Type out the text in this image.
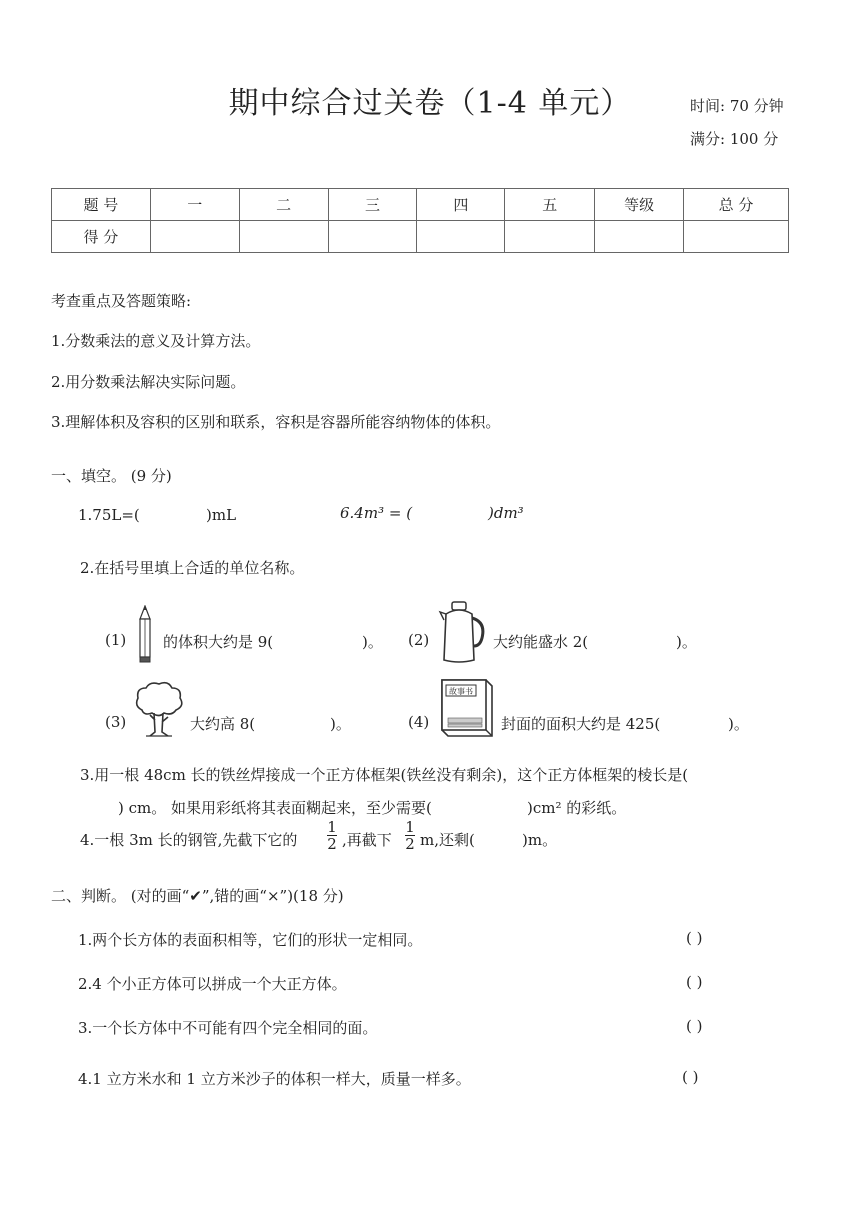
期中综合过关卷（1-4 单元）	时间: 70 分钟
满分: 100 分
题 号	一	二	三	四	五	等级	总 分
得 分							
考查重点及答题策略:
1.分数乘法的意义及计算方法。
2.用分数乘法解决实际问题。
3.理解体积及容积的区别和联系，容积是容器所能容纳物体的体积。
一、填空。 (9 分)
1.75L=(	)mL	6.4m³ = (	)dm³
2.在括号里填上合适的单位名称。
(1) 的体积大约是 9(	)。 (2)	大约能盛水 2(	)。
(3)	大约高 8(	)。	(4)
故事书
封面的面积大约是 425(	)。
3.用一根 48cm 长的铁丝焊接成一个正方体框架(铁丝没有剩余)，这个正方体框架的棱长是(
) cm。 如果用彩纸将其表面糊起来，至少需要(	)cm² 的彩纸。
4.一根 3m 长的钢管,先截下它的 $\frac{1}{2}$ ,再截下 $\frac{1}{2} m$,还剩(	)m。
二、判断。 (对的画“✔”,错的画“×”)(18 分)
1.两个长方体的表面积相等，它们的形状一定相同。	( )
2.4 个小正方体可以拼成一个大正方体。	( )
3.一个长方体中不可能有四个完全相同的面。	( )
4.1 立方米水和 1 立方米沙子的体积一样大，质量一样多。	( )
